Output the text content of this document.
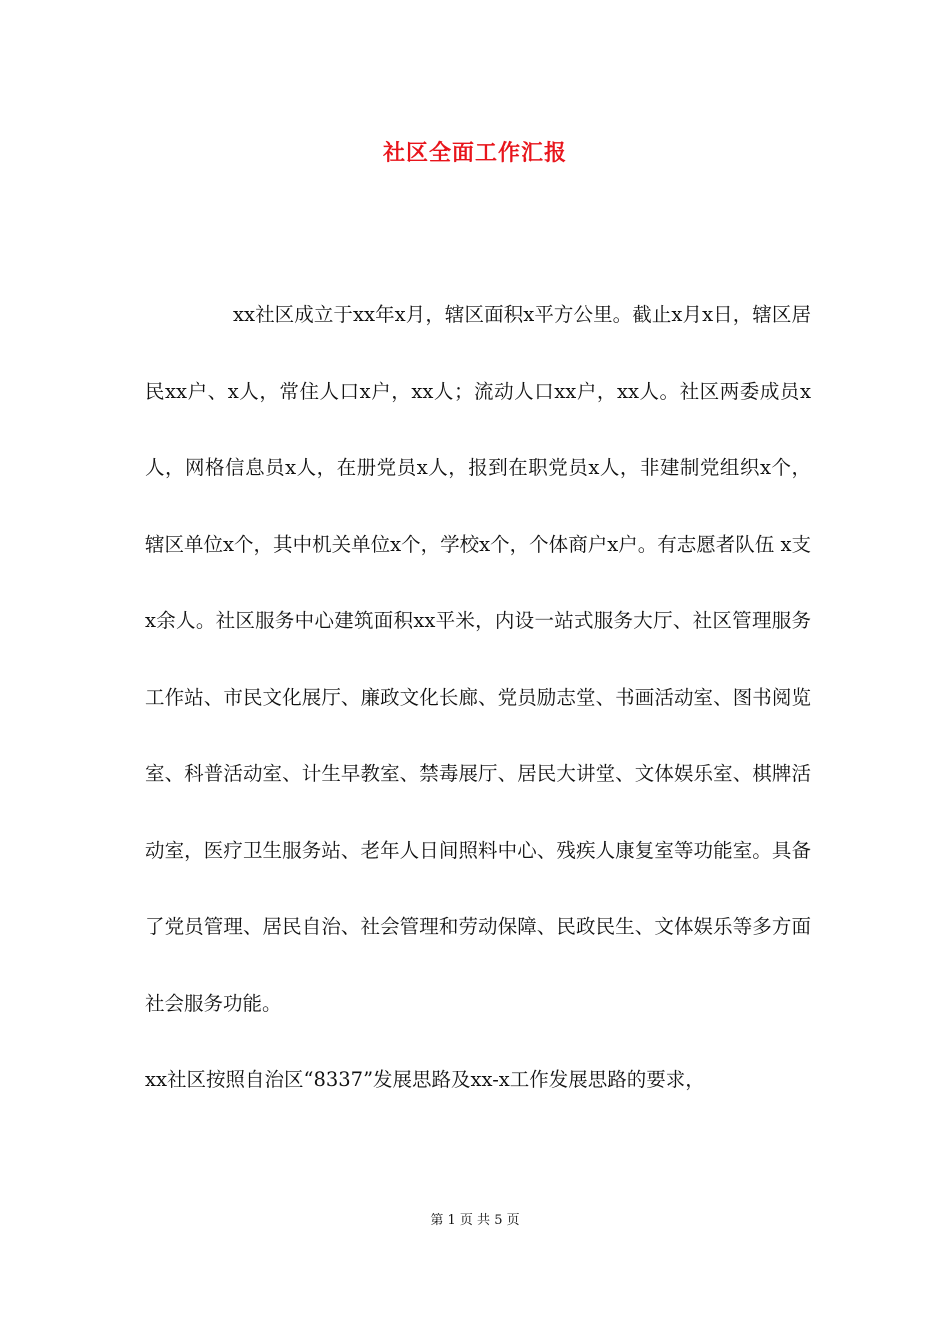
社区全面工作汇报

xx社区成立于xx年x月，辖区面积x平方公里。截止x月x日，辖区居民xx户、x人，常住人口x户，xx人；流动人口xx户，xx人。社区两委成员x人，网格信息员x人，在册党员x人，报到在职党员x人，非建制党组织x个，辖区单位x个，其中机关单位x个，学校x个，个体商户x户。有志愿者队伍 x支x余人。社区服务中心建筑面积xx平米，内设一站式服务大厅、社区管理服务工作站、市民文化展厅、廉政文化长廊、党员励志堂、书画活动室、图书阅览室、科普活动室、计生早教室、禁毒展厅、居民大讲堂、文体娱乐室、棋牌活动室，医疗卫生服务站、老年人日间照料中心、残疾人康复室等功能室。具备了党员管理、居民自治、社会管理和劳动保障、民政民生、文体娱乐等多方面社会服务功能。

xx社区按照自治区“8337”发展思路及xx-x工作发展思路的要求，

第 1 页 共 5 页
